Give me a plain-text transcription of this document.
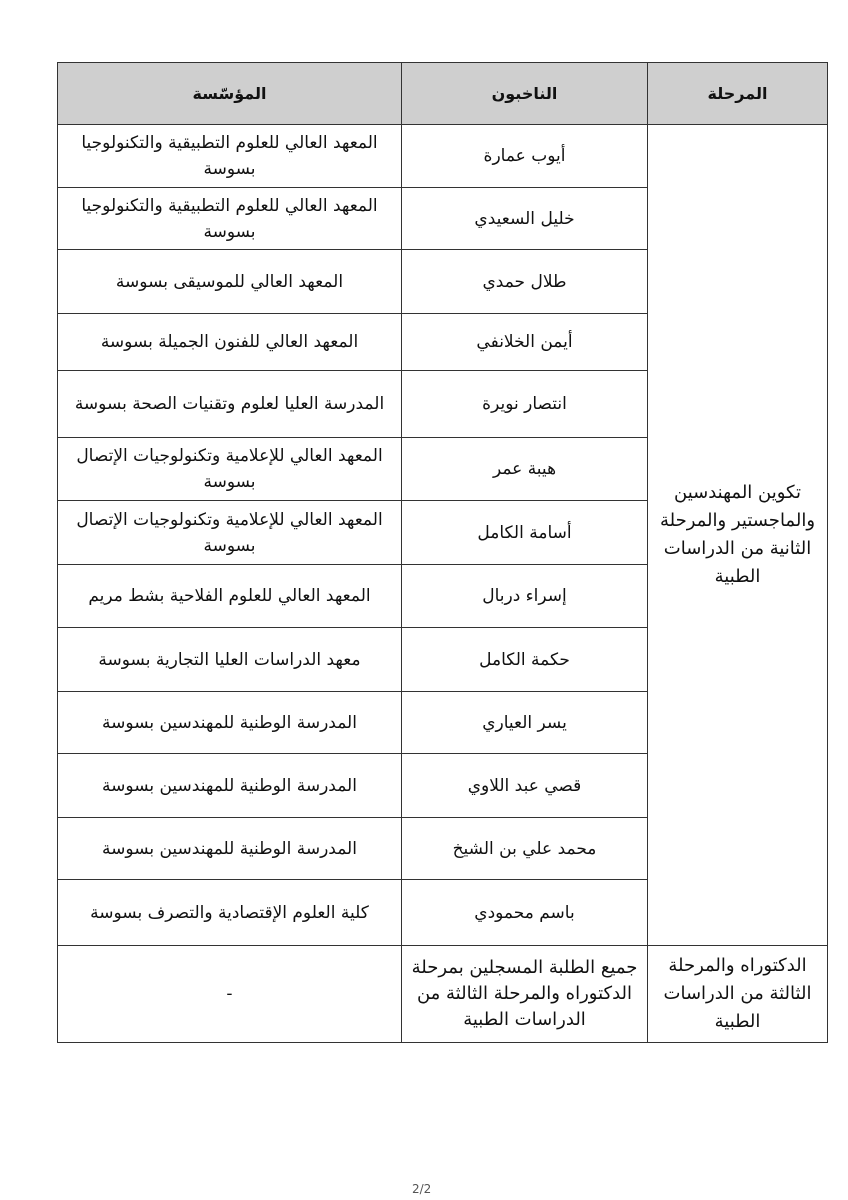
المرحلة	الناخبون	المؤسّسة
تكوين المهندسين والماجستير والمرحلة الثانية من الدراسات الطبية	أيوب عمارة	المعهد العالي للعلوم التطبيقية والتكنولوجيا بسوسة
	خليل السعيدي	المعهد العالي للعلوم التطبيقية والتكنولوجيا بسوسة
	طلال حمدي	المعهد العالي للموسيقى بسوسة
	أيمن الخلانفي	المعهد العالي للفنون الجميلة بسوسة
	انتصار نويرة	المدرسة العليا لعلوم وتقنيات الصحة بسوسة
	هيبة عمر	المعهد العالي للإعلامية وتكنولوجيات الإتصال بسوسة
	أسامة الكامل	المعهد العالي للإعلامية وتكنولوجيات الإتصال بسوسة
	إسراء دربال	المعهد العالي للعلوم الفلاحية بشط مريم
	حكمة الكامل	معهد الدراسات العليا التجارية بسوسة
	يسر العياري	المدرسة الوطنية للمهندسين بسوسة
	قصي عبد اللاوي	المدرسة الوطنية للمهندسين بسوسة
	محمد علي بن الشيخ	المدرسة الوطنية للمهندسين بسوسة
	باسم محمودي	كلية العلوم الإقتصادية والتصرف بسوسة
الدكتوراه والمرحلة الثالثة من الدراسات الطبية	جميع الطلبة المسجلين بمرحلة الدكتوراه والمرحلة الثالثة من الدراسات الطبية	-
2/2
